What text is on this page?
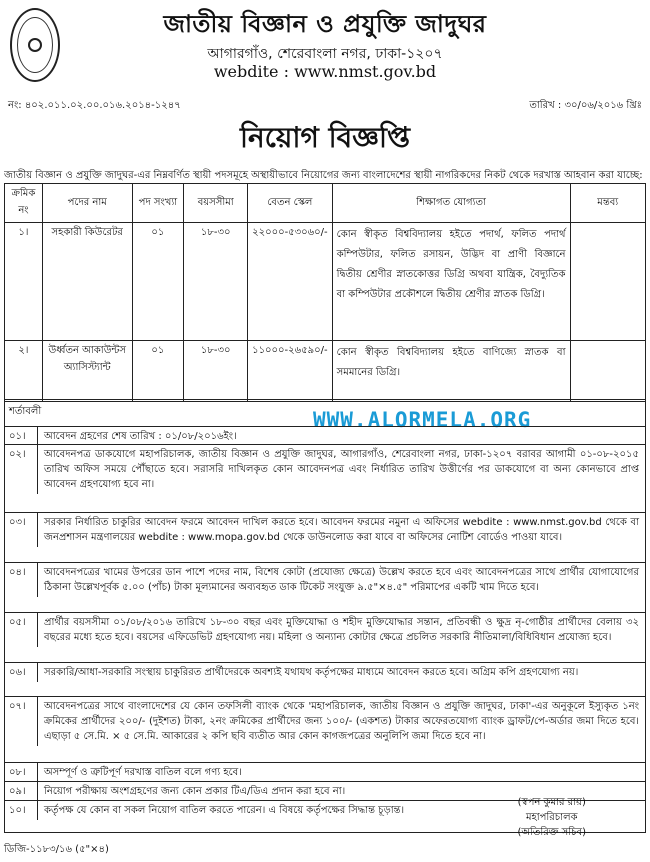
জাতীয় বিজ্ঞান ও প্রযুক্তি জাদুঘর
আগারগাঁও, শেরেবাংলা নগর, ঢাকা-১২০৭
webdite : www.nmst.gov.bd
নং: ৪০২.০১১.০২.০০.০১৬.২০১৪-১২৪৭	তারিখ : ৩০/০৬/২০১৬ খ্রিঃ
নিয়োগ বিজ্ঞপ্তি
জাতীয় বিজ্ঞান ও প্রযুক্তি জাদুঘর-এর নিম্নবর্ণিত স্থায়ী পদসমূহে অস্থায়ীভাবে নিয়োগের জন্য বাংলাদেশের স্থায়ী নাগরিকদের নিকট থেকে দরখাস্ত আহবান করা যাচ্ছে:
ক্রমিক নং	পদের নাম	পদ সংখ্যা	বয়সসীমা	বেতন স্কেল	শিক্ষাগত যোগ্যতা	মন্তব্য
১।	সহকারী কিউরেটর	০১	১৮-৩০	২২০০০-৫৩০৬০/-	কোন স্বীকৃত বিশ্ববিদ্যালয় হইতে পদার্থ, ফলিত পদার্থ কম্পিউটার, ফলিত রসায়ন, উদ্ভিদ বা প্রাণী বিজ্ঞানে দ্বিতীয় শ্রেণীর স্নাতকোত্তর ডিগ্রি অথবা যান্ত্রিক, বৈদ্যুতিক বা কম্পিউটার প্রকৌশলে দ্বিতীয় শ্রেণীর স্নাতক ডিগ্রি।	
২।	উর্ধ্বতন আকাউন্টস অ্যাসিস্ট্যান্ট	০১	১৮-৩০	১১০০০-২৬৫৯০/-	কোন স্বীকৃত বিশ্ববিদ্যালয় হইতে বাণিজ্যে স্নাতক বা সমমানের ডিগ্রি।	
শর্তাবলী	WWW.ALORMELA.ORG
০১।	আবেদন গ্রহণের শেষ তারিখ : ০১/০৮/২০১৬ইং।
০২।	আবেদনপত্র ডাকযোগে মহাপরিচালক, জাতীয় বিজ্ঞান ও প্রযুক্তি জাদুঘর, আগারগাঁও, শেরেবাংলা নগর, ঢাকা-১২০৭ বরাবর আগামী ০১-০৮-২০১৫ তারিখ অফিস সময়ে পৌঁছাতে হবে। সরাসরি দাখিলকৃত কোন আবেদনপত্র এবং নির্ধারিত তারিখ উত্তীর্ণের পর ডাকযোগে বা অন্য কোনভাবে প্রাপ্ত আবেদন গ্রহণযোগ্য হবে না।
০৩।	সরকার নির্ধারিত চাকুরির আবেদন ফরমে আবেদন দাখিল করতে হবে। আবেদন ফরমের নমুনা এ অফিসের webdite : www.nmst.gov.bd থেকে বা জনপ্রশাসন মন্ত্রণালয়ের webdite : www.mopa.gov.bd থেকে ডাউনলোড করা যাবে বা অফিসের নোটিশ বোর্ডেও পাওয়া যাবে।
০৪।	আবেদনপত্রের খামের উপরের ডান পাশে পদের নাম, বিশেষ কোটা (প্রযোজ্য ক্ষেত্রে) উল্লেখ করতে হবে এবং আবেদনপত্রের সাথে প্রার্থীর যোগাযোগের ঠিকানা উল্লেখপূর্বক ৫.০০ (পাঁচ) টাকা মূল্যমানের অব্যবহৃত ডাক টিকেট সংযুক্ত ৯.৫"×৪.৫" পরিমাপের একটি খাম দিতে হবে।
০৫।	প্রার্থীর বয়সসীমা ০১/০৮/২০১৬ তারিখে ১৮-৩০ বছর এবং মুক্তিযোদ্ধা ও শহীদ মুক্তিযোদ্ধার সন্তান, প্রতিবন্ধী ও ক্ষুদ্র নৃ-গোষ্ঠীর প্রার্থীদের বেলায় ৩২ বছরের মধ্যে হতে হবে। বয়সের এফিডেভিট গ্রহণযোগ্য নয়। মহিলা ও অন্যান্য কোটার ক্ষেত্রে প্রচলিত সরকারি নীতিমালা/বিধিবিধান প্রযোজ্য হবে।
০৬।	সরকারি/আধা-সরকারি সংস্থায় চাকুরিরত প্রার্থীদেরকে অবশ্যই যথাযথ কর্তৃপক্ষের মাধ্যমে আবেদন করতে হবে। অগ্রিম কপি গ্রহণযোগ্য নয়।
০৭।	আবেদনপত্রের সাথে বাংলাদেশের যে কোন তফসিলী ব্যাংক থেকে 'মহাপরিচালক, জাতীয় বিজ্ঞান ও প্রযুক্তি জাদুঘর, ঢাকা'-এর অনুকূলে ইস্যুকৃত ১নং ক্রমিকের প্রার্থীদের ২০০/- (দুইশত) টাকা, ২নং ক্রমিকের প্রার্থীদের জন্য ১০০/- (একশত) টাকার অফেরতযোগ্য ব্যাংক ড্রাফট/পে-অর্ডার জমা দিতে হবে। এছাড়া ৫ সে.মি. × ৫ সে.মি. আকারের ২ কপি ছবি ব্যতীত আর কোন কাগজপত্রের অনুলিপি জমা দিতে হবে না।
০৮।	অসম্পূর্ণ ও ত্রুটিপূর্ণ দরখাস্ত বাতিল বলে গণ্য হবে।
০৯।	নিয়োগ পরীক্ষায় অংশগ্রহণের জন্য কোন প্রকার টিএ/ডিএ প্রদান করা হবে না।
১০।	কর্তৃপক্ষ যে কোন বা সকল নিয়োগ বাতিল করতে পারেন। এ বিষয়ে কর্তৃপক্ষের সিদ্ধান্ত চূড়ান্ত।
(স্বপন কুমার রায়)
মহাপরিচালক
(অতিরিক্ত সচিব)
ডিজি-১১৮৩/১৬ (৫"×৪)
